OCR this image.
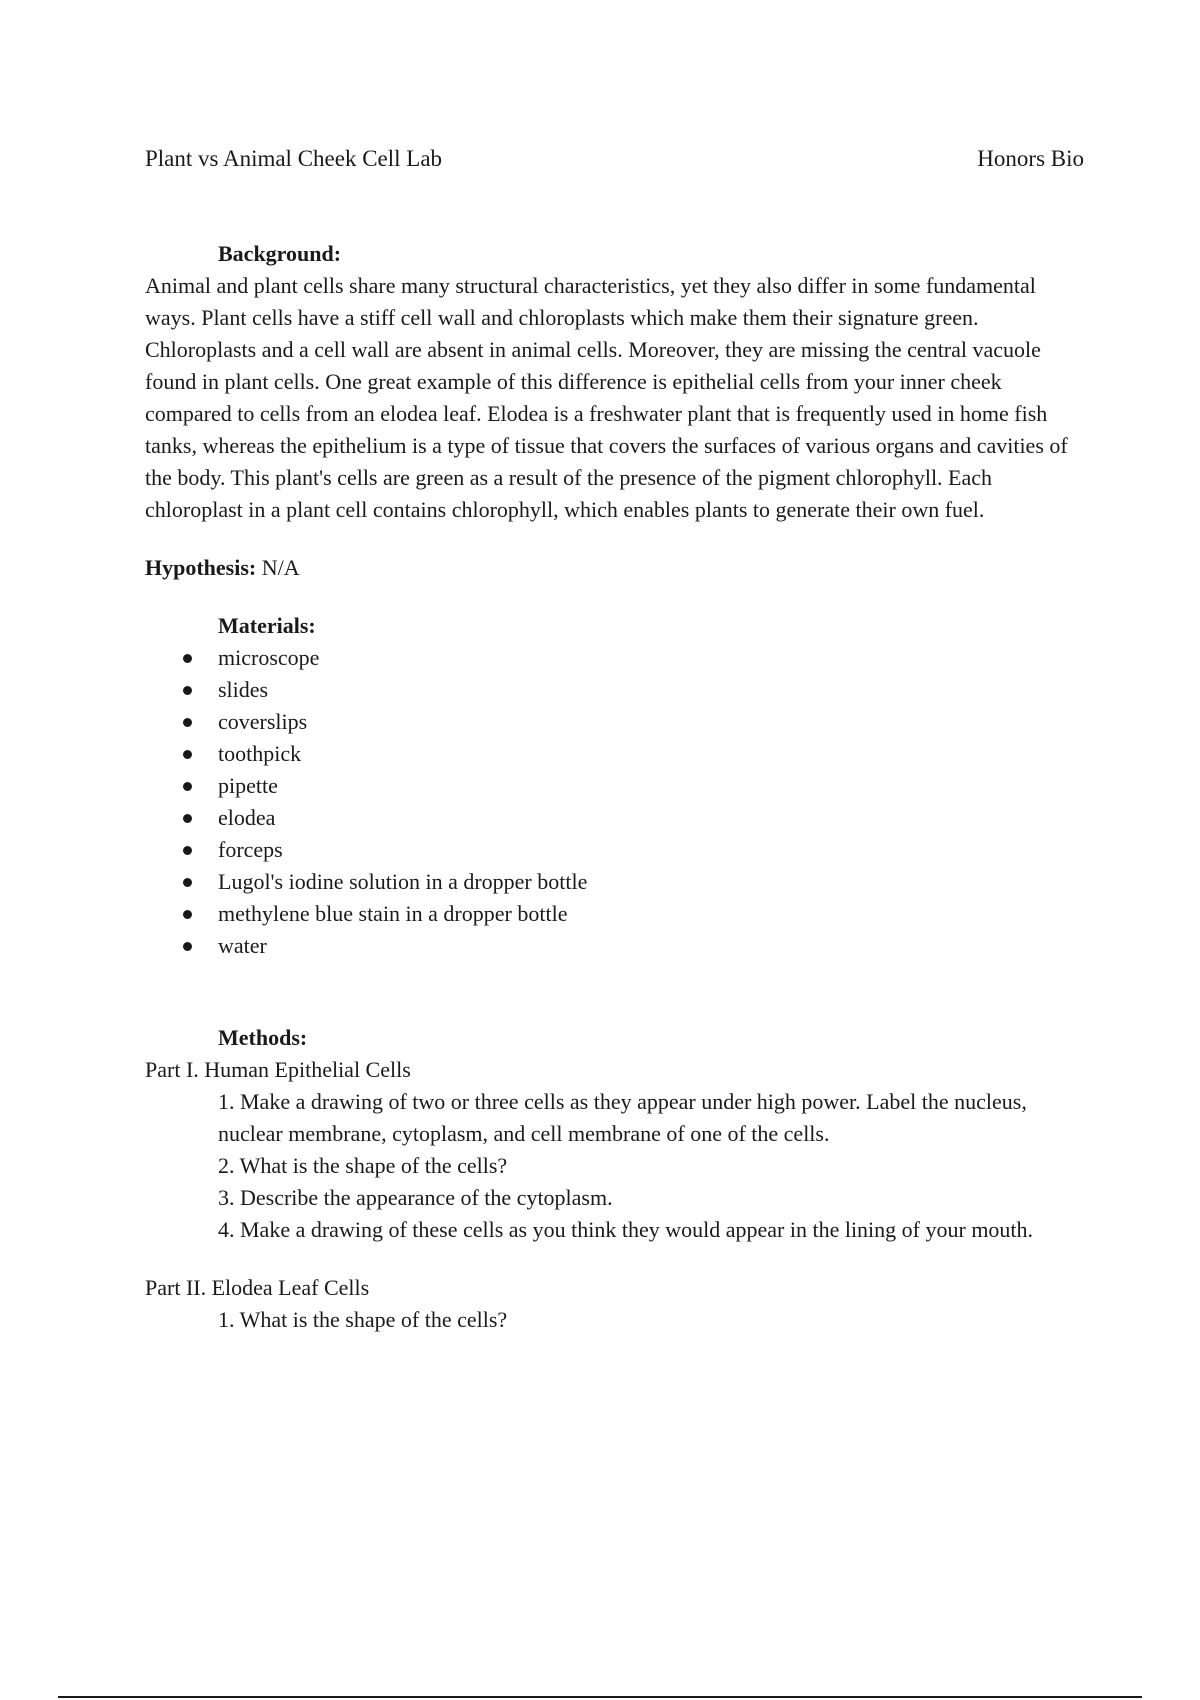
Plant vs Animal Cheek Cell Lab	Honors Bio
Background:

Animal and plant cells share many structural characteristics, yet they also differ in some fundamental ways. Plant cells have a stiff cell wall and chloroplasts which make them their signature green. Chloroplasts and a cell wall are absent in animal cells. Moreover, they are missing the central vacuole found in plant cells. One great example of this difference is epithelial cells from your inner cheek compared to cells from an elodea leaf. Elodea is a freshwater plant that is frequently used in home fish tanks, whereas the epithelium is a type of tissue that covers the surfaces of various organs and cavities of the body. This plant's cells are green as a result of the presence of the pigment chlorophyll. Each chloroplast in a plant cell contains chlorophyll, which enables plants to generate their own fuel.

Hypothesis: N/A

Materials:
microscope
slides
coverslips
toothpick
pipette
elodea
forceps
Lugol's iodine solution in a dropper bottle
methylene blue stain in a dropper bottle
water
Methods:
Part I. Human Epithelial Cells
1. Make a drawing of two or three cells as they appear under high power. Label the nucleus, nuclear membrane, cytoplasm, and cell membrane of one of the cells.
2. What is the shape of the cells?
3. Describe the appearance of the cytoplasm.
4. Make a drawing of these cells as you think they would appear in the lining of your mouth.
Part II. Elodea Leaf Cells
1. What is the shape of the cells?
